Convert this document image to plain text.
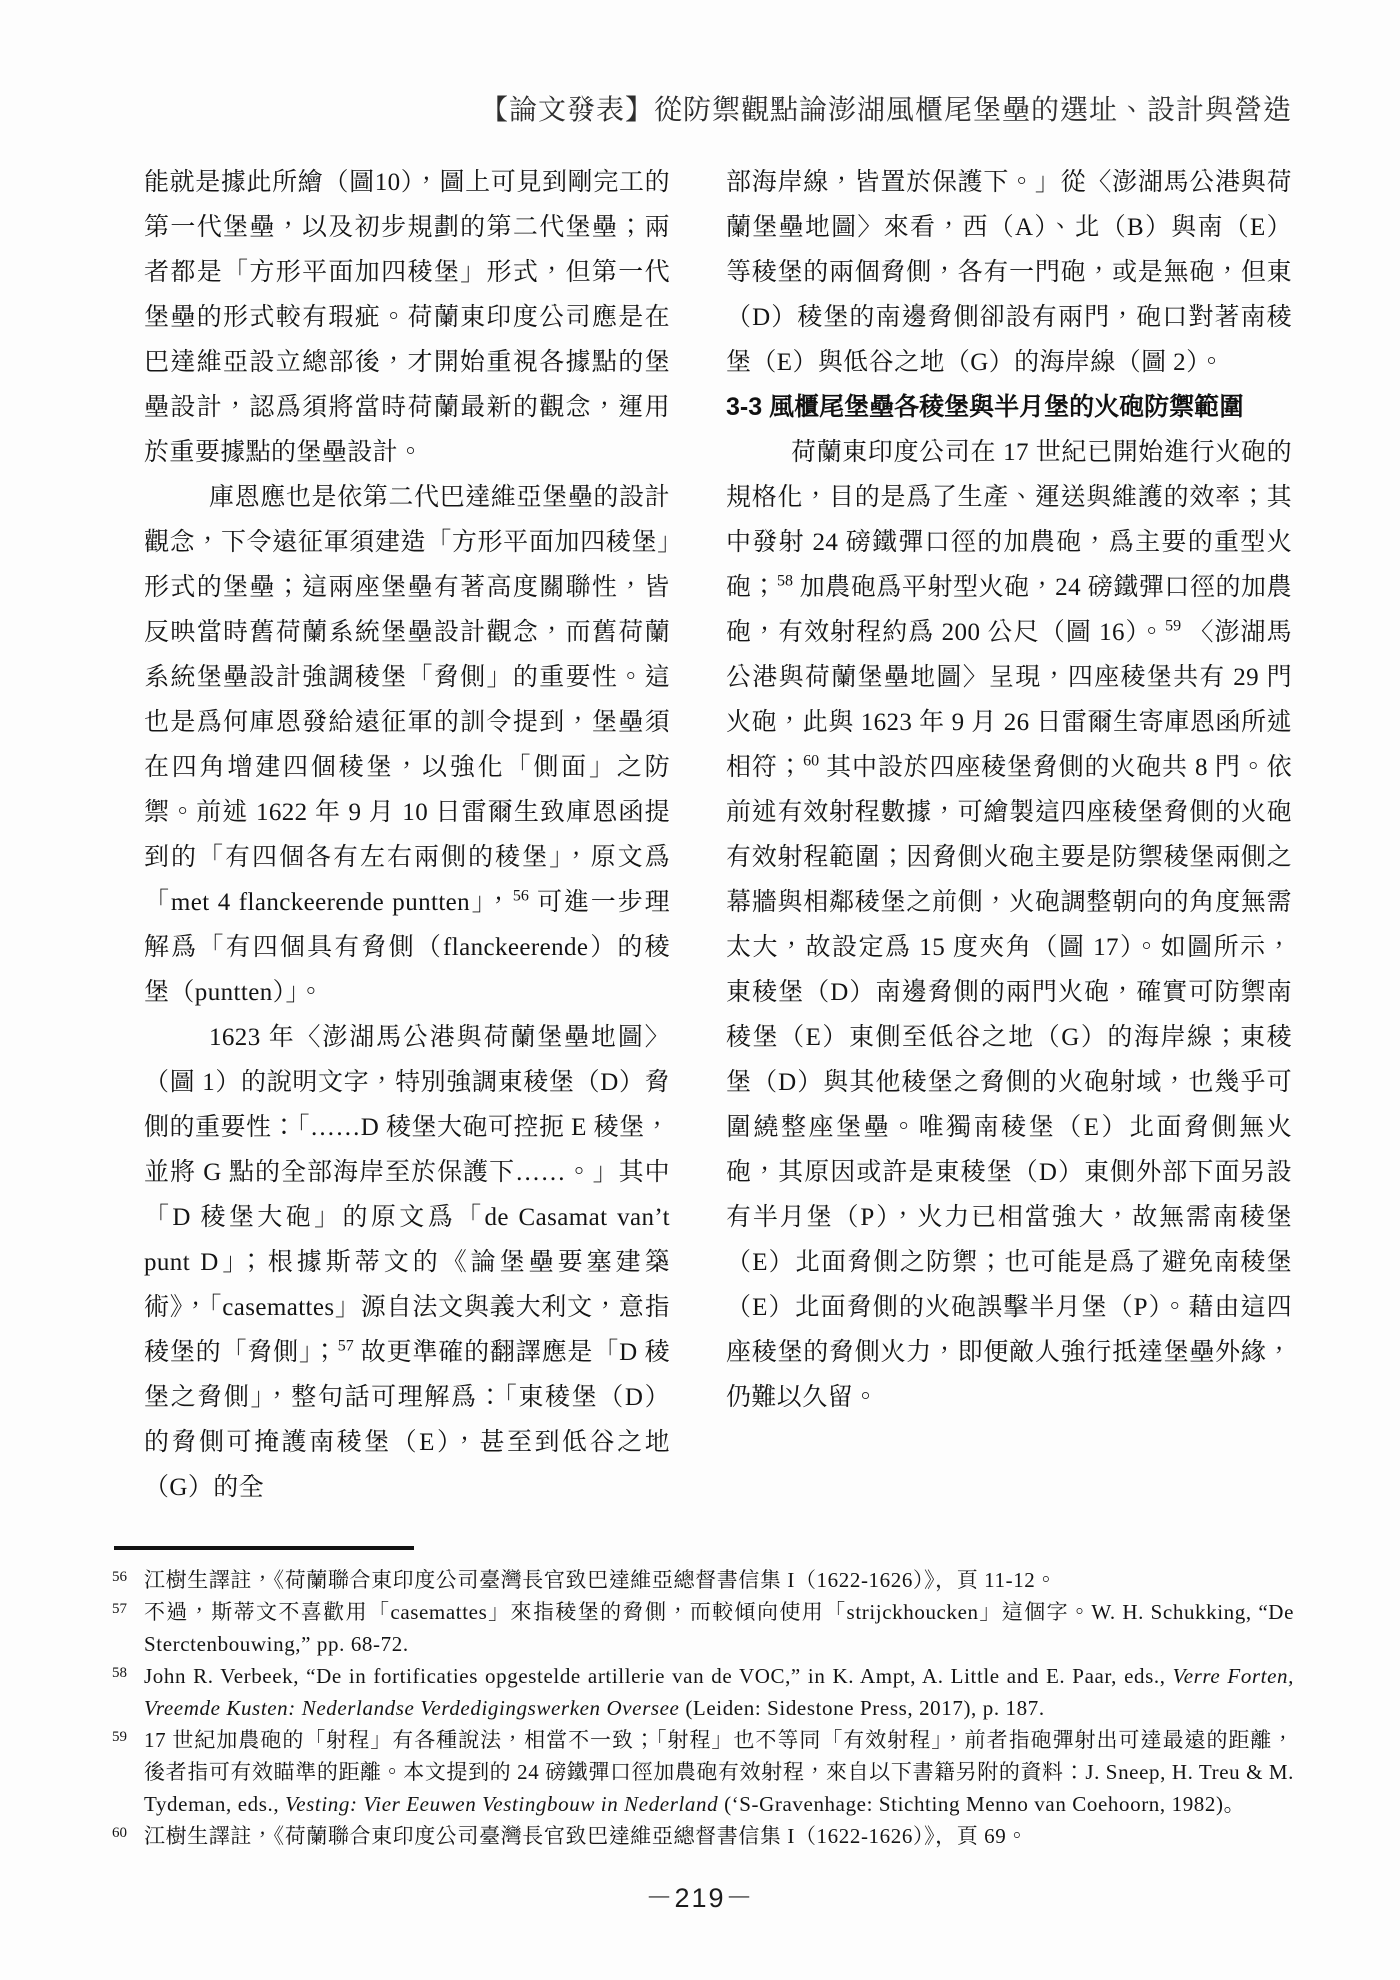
【論文發表】從防禦觀點論澎湖風櫃尾堡壘的選址、設計與營造

能就是據此所繪（圖10），圖上可見到剛完工的第一代堡壘，以及初步規劃的第二代堡壘；兩者都是「方形平面加四稜堡」形式，但第一代堡壘的形式較有瑕疵。荷蘭東印度公司應是在巴達維亞設立總部後，才開始重視各據點的堡壘設計，認爲須將當時荷蘭最新的觀念，運用於重要據點的堡壘設計。

庫恩應也是依第二代巴達維亞堡壘的設計觀念，下令遠征軍須建造「方形平面加四稜堡」形式的堡壘；這兩座堡壘有著高度關聯性，皆反映當時舊荷蘭系統堡壘設計觀念，而舊荷蘭系統堡壘設計強調稜堡「脅側」的重要性。這也是爲何庫恩發給遠征軍的訓令提到，堡壘須在四角增建四個稜堡，以強化「側面」之防禦。前述 1622 年 9 月 10 日雷爾生致庫恩函提到的「有四個各有左右兩側的稜堡」，原文爲「met 4 flanckeerende puntten」，$^{56}$ 可進一步理解爲「有四個具有脅側（flanckeerende）的稜堡（puntten）」。

1623 年〈澎湖馬公港與荷蘭堡壘地圖〉（圖 1）的說明文字，特別強調東稜堡（D）脅側的重要性：「……D 稜堡大砲可控扼 E 稜堡，並將 G 點的全部海岸至於保護下……。」其中「D 稜堡大砲」的原文爲「de Casamat van’t punt D」；根據斯蒂文的《論堡壘要塞建築術》，「casemattes」源自法文與義大利文，意指稜堡的「脅側」；$^{57}$ 故更準確的翻譯應是「D 稜堡之脅側」，整句話可理解爲：「東稜堡（D）的脅側可掩護南稜堡（E），甚至到低谷之地（G）的全

部海岸線，皆置於保護下。」從〈澎湖馬公港與荷蘭堡壘地圖〉來看，西（A）、北（B）與南（E）等稜堡的兩個脅側，各有一門砲，或是無砲，但東（D）稜堡的南邊脅側卻設有兩門，砲口對著南稜堡（E）與低谷之地（G）的海岸線（圖 2）。

3-3 風櫃尾堡壘各稜堡與半月堡的火砲防禦範圍

荷蘭東印度公司在 17 世紀已開始進行火砲的規格化，目的是爲了生產、運送與維護的效率；其中發射 24 磅鐵彈口徑的加農砲，爲主要的重型火砲；$^{58}$ 加農砲爲平射型火砲，24 磅鐵彈口徑的加農砲，有效射程約爲 200 公尺（圖 16）。$^{59}$ 〈澎湖馬公港與荷蘭堡壘地圖〉呈現，四座稜堡共有 29 門火砲，此與 1623 年 9 月 26 日雷爾生寄庫恩函所述相符；$^{60}$ 其中設於四座稜堡脅側的火砲共 8 門。依前述有效射程數據，可繪製這四座稜堡脅側的火砲有效射程範圍；因脅側火砲主要是防禦稜堡兩側之幕牆與相鄰稜堡之前側，火砲調整朝向的角度無需太大，故設定爲 15 度夾角（圖 17）。如圖所示，東稜堡（D）南邊脅側的兩門火砲，確實可防禦南稜堡（E）東側至低谷之地（G）的海岸線；東稜堡（D）與其他稜堡之脅側的火砲射域，也幾乎可圍繞整座堡壘。唯獨南稜堡（E）北面脅側無火砲，其原因或許是東稜堡（D）東側外部下面另設有半月堡（P），火力已相當強大，故無需南稜堡（E）北面脅側之防禦；也可能是爲了避免南稜堡（E）北面脅側的火砲誤擊半月堡（P）。藉由這四座稜堡的脅側火力，即便敵人強行抵達堡壘外緣，仍難以久留。

56 江樹生譯註，《荷蘭聯合東印度公司臺灣長官致巴達維亞總督書信集 I（1622-1626）》，頁 11-12。

57 不過，斯蒂文不喜歡用「casemattes」來指稜堡的脅側，而較傾向使用「strijckhoucken」這個字。W. H. Schukking, “De Sterctenbouwing,” pp. 68-72.

58 John R. Verbeek, “De in fortificaties opgestelde artillerie van de VOC,” in K. Ampt, A. Little and E. Paar, eds., Verre Forten, Vreemde Kusten: Nederlandse Verdedigingswerken Oversee (Leiden: Sidestone Press, 2017), p. 187.

59 17 世紀加農砲的「射程」有各種說法，相當不一致；「射程」也不等同「有效射程」，前者指砲彈射出可達最遠的距離，後者指可有效瞄準的距離。本文提到的 24 磅鐵彈口徑加農砲有效射程，來自以下書籍另附的資料：J. Sneep, H. Treu & M. Tydeman, eds., Vesting: Vier Eeuwen Vestingbouw in Nederland (‘S-Gravenhage: Stichting Menno van Coehoorn, 1982)。

60 江樹生譯註，《荷蘭聯合東印度公司臺灣長官致巴達維亞總督書信集 I（1622-1626）》，頁 69。

－219－
